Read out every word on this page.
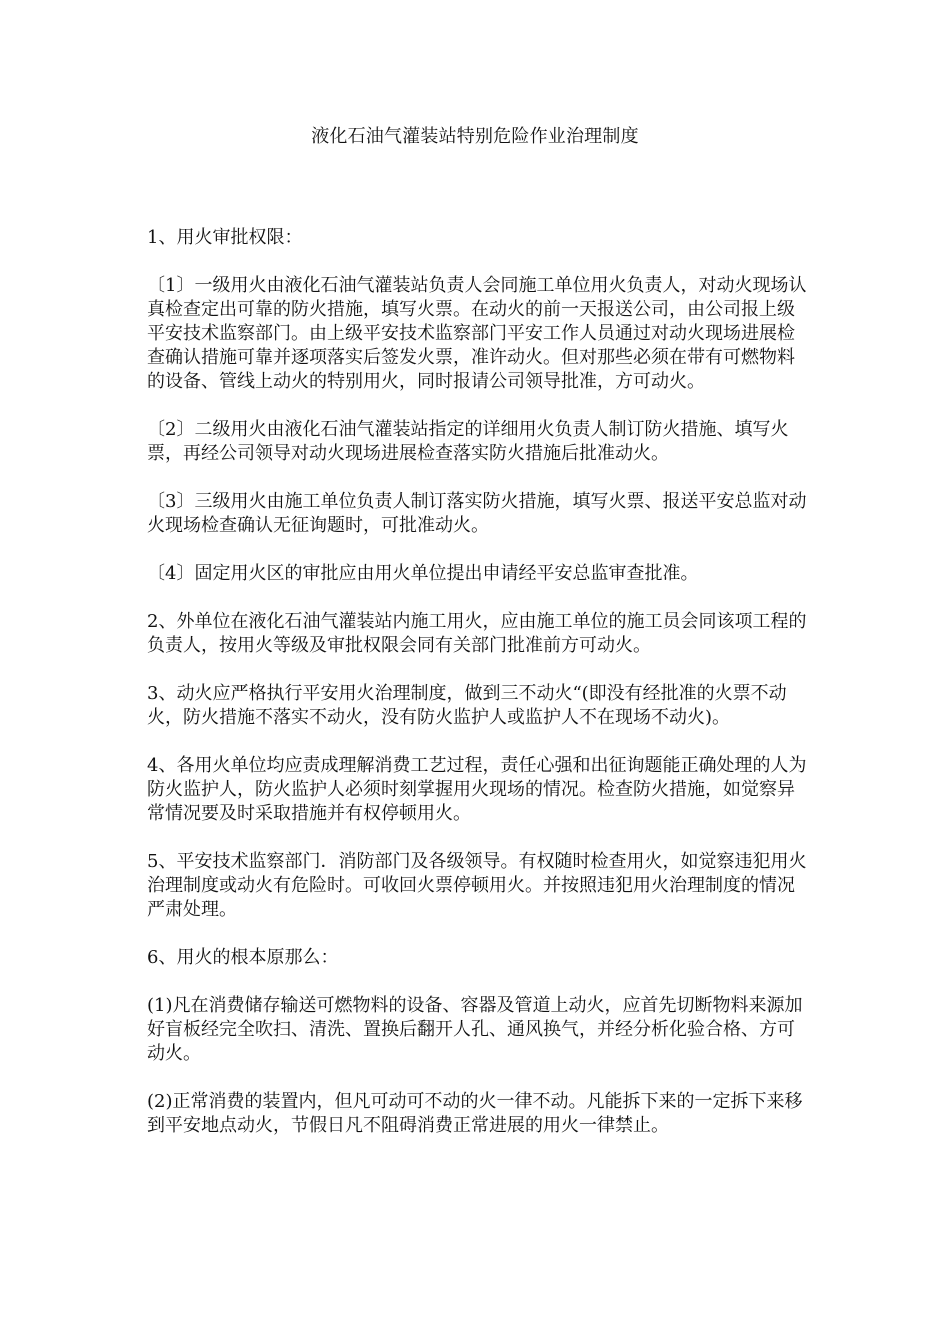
液化石油气灌装站特别危险作业治理制度

1、用火审批权限：

〔1〕一级用火由液化石油气灌装站负责人会同施工单位用火负责人，对动火现场认真检查定出可靠的防火措施，填写火票。在动火的前一天报送公司，由公司报上级平安技术监察部门。由上级平安技术监察部门平安工作人员通过对动火现场进展检查确认措施可靠并逐项落实后签发火票，准许动火。但对那些必须在带有可燃物料的设备、管线上动火的特别用火，同时报请公司领导批准，方可动火。

〔2〕二级用火由液化石油气灌装站指定的详细用火负责人制订防火措施、填写火票，再经公司领导对动火现场进展检查落实防火措施后批准动火。

〔3〕三级用火由施工单位负责人制订落实防火措施，填写火票、报送平安总监对动火现场检查确认无征询题时，可批准动火。

〔4〕固定用火区的审批应由用火单位提出申请经平安总监审查批准。

2、外单位在液化石油气灌装站内施工用火，应由施工单位的施工员会同该项工程的负责人，按用火等级及审批权限会同有关部门批准前方可动火。

3、动火应严格执行平安用火治理制度，做到三不动火“(即没有经批准的火票不动火，防火措施不落实不动火，没有防火监护人或监护人不在现场不动火)。

4、各用火单位均应责成理解消费工艺过程，责任心强和出征询题能正确处理的人为防火监护人，防火监护人必须时刻掌握用火现场的情况。检查防火措施，如觉察异常情况要及时采取措施并有权停顿用火。

5、平安技术监察部门．消防部门及各级领导。有权随时检查用火，如觉察违犯用火治理制度或动火有危险时。可收回火票停顿用火。并按照违犯用火治理制度的情况严肃处理。

6、用火的根本原那么：

(1)凡在消费储存输送可燃物料的设备、容器及管道上动火，应首先切断物料来源加好盲板经完全吹扫、清洗、置换后翻开人孔、通风换气，并经分析化验合格、方可动火。

(2)正常消费的装置内，但凡可动可不动的火一律不动。凡能拆下来的一定拆下来移到平安地点动火，节假日凡不阻碍消费正常进展的用火一律禁止。
